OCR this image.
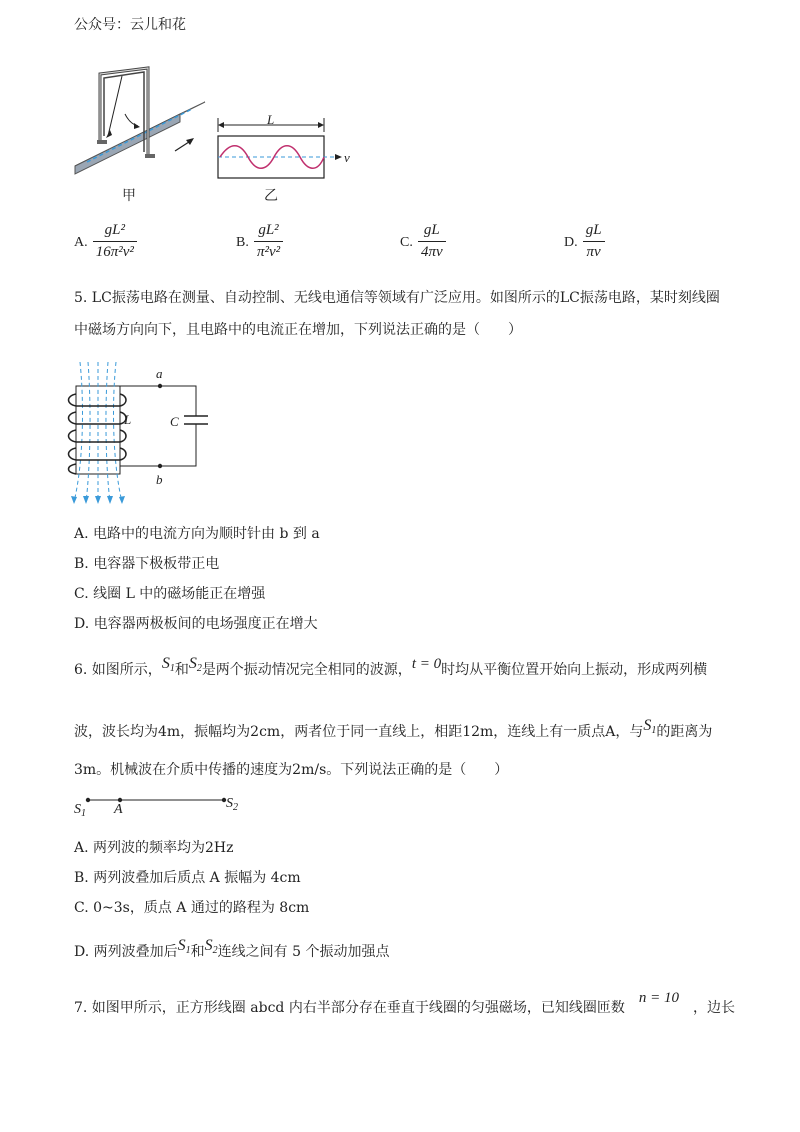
公众号：云儿和花
甲
L
v
乙
A. $\frac{\text{gL²}}{\text{16π²v²}}$	B. $\frac{\text{gL²}}{\text{π²v²}}$	C. $\frac{gL}{4\pi v}$	D. $\frac{gL}{\pi v}$
5. LC振荡电路在测量、自动控制、无线电通信等领域有广泛应用。如图所示的LC振荡电路，某时刻线圈
中磁场方向向下，且电路中的电流正在增加，下列说法正确的是（　　）
a
b
L	C
A. 电路中的电流方向为顺时针由 b 到 a
B. 电容器下极板带正电
C. 线圈 L 中的磁场能正在增强
D. 电容器两极板间的电场强度正在增大
6. 如图所示，$S_1$和$S_2$是两个振动情况完全相同的波源，t = 0时均从平衡位置开始向上振动，形成两列横
波，波长均为4m，振幅均为2cm，两者位于同一直线上，相距12m，连线上有一质点A，与$S_1$的距离为
3m。机械波在介质中传播的速度为2m/s。下列说法正确的是（　　）
$S_1$ A	$S_2$
A. 两列波的频率均为2Hz
B. 两列波叠加后质点 A 振幅为 4cm
C. 0~3s，质点 A 通过的路程为 8cm
D. 两列波叠加后$S_1$和$S_2$连线之间有 5 个振动加强点
7. 如图甲所示，正方形线圈 abcd 内右半部分存在垂直于线圈的匀强磁场，已知线圈匝数n = 10，边长
